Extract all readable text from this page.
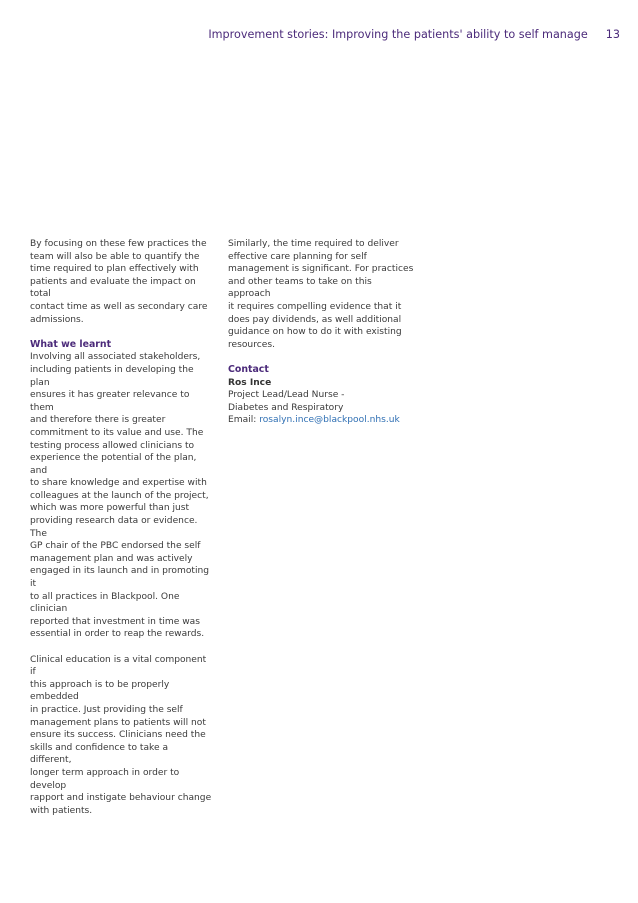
Improvement stories: Improving the patients' ability to self manage 13

By focusing on these few practices the

team will also be able to quantify the

time required to plan effectively with

patients and evaluate the impact on total

contact time as well as secondary care

admissions.

What we learnt

Involving all associated stakeholders,

including patients in developing the plan

ensures it has greater relevance to them

and therefore there is greater

commitment to its value and use. The

testing process allowed clinicians to

experience the potential of the plan, and

to share knowledge and expertise with

colleagues at the launch of the project,

which was more powerful than just

providing research data or evidence. The

GP chair of the PBC endorsed the self

management plan and was actively

engaged in its launch and in promoting it

to all practices in Blackpool. One clinician

reported that investment in time was

essential in order to reap the rewards.

Clinical education is a vital component if

this approach is to be properly embedded

in practice. Just providing the self

management plans to patients will not

ensure its success. Clinicians need the

skills and confidence to take a different,

longer term approach in order to develop

rapport and instigate behaviour change

with patients.

Similarly, the time required to deliver

effective care planning for self

management is significant. For practices

and other teams to take on this approach

it requires compelling evidence that it

does pay dividends, as well additional

guidance on how to do it with existing

resources.

Contact

Ros Ince

Project Lead/Lead Nurse -

Diabetes and Respiratory

Email: rosalyn.ince@blackpool.nhs.uk
